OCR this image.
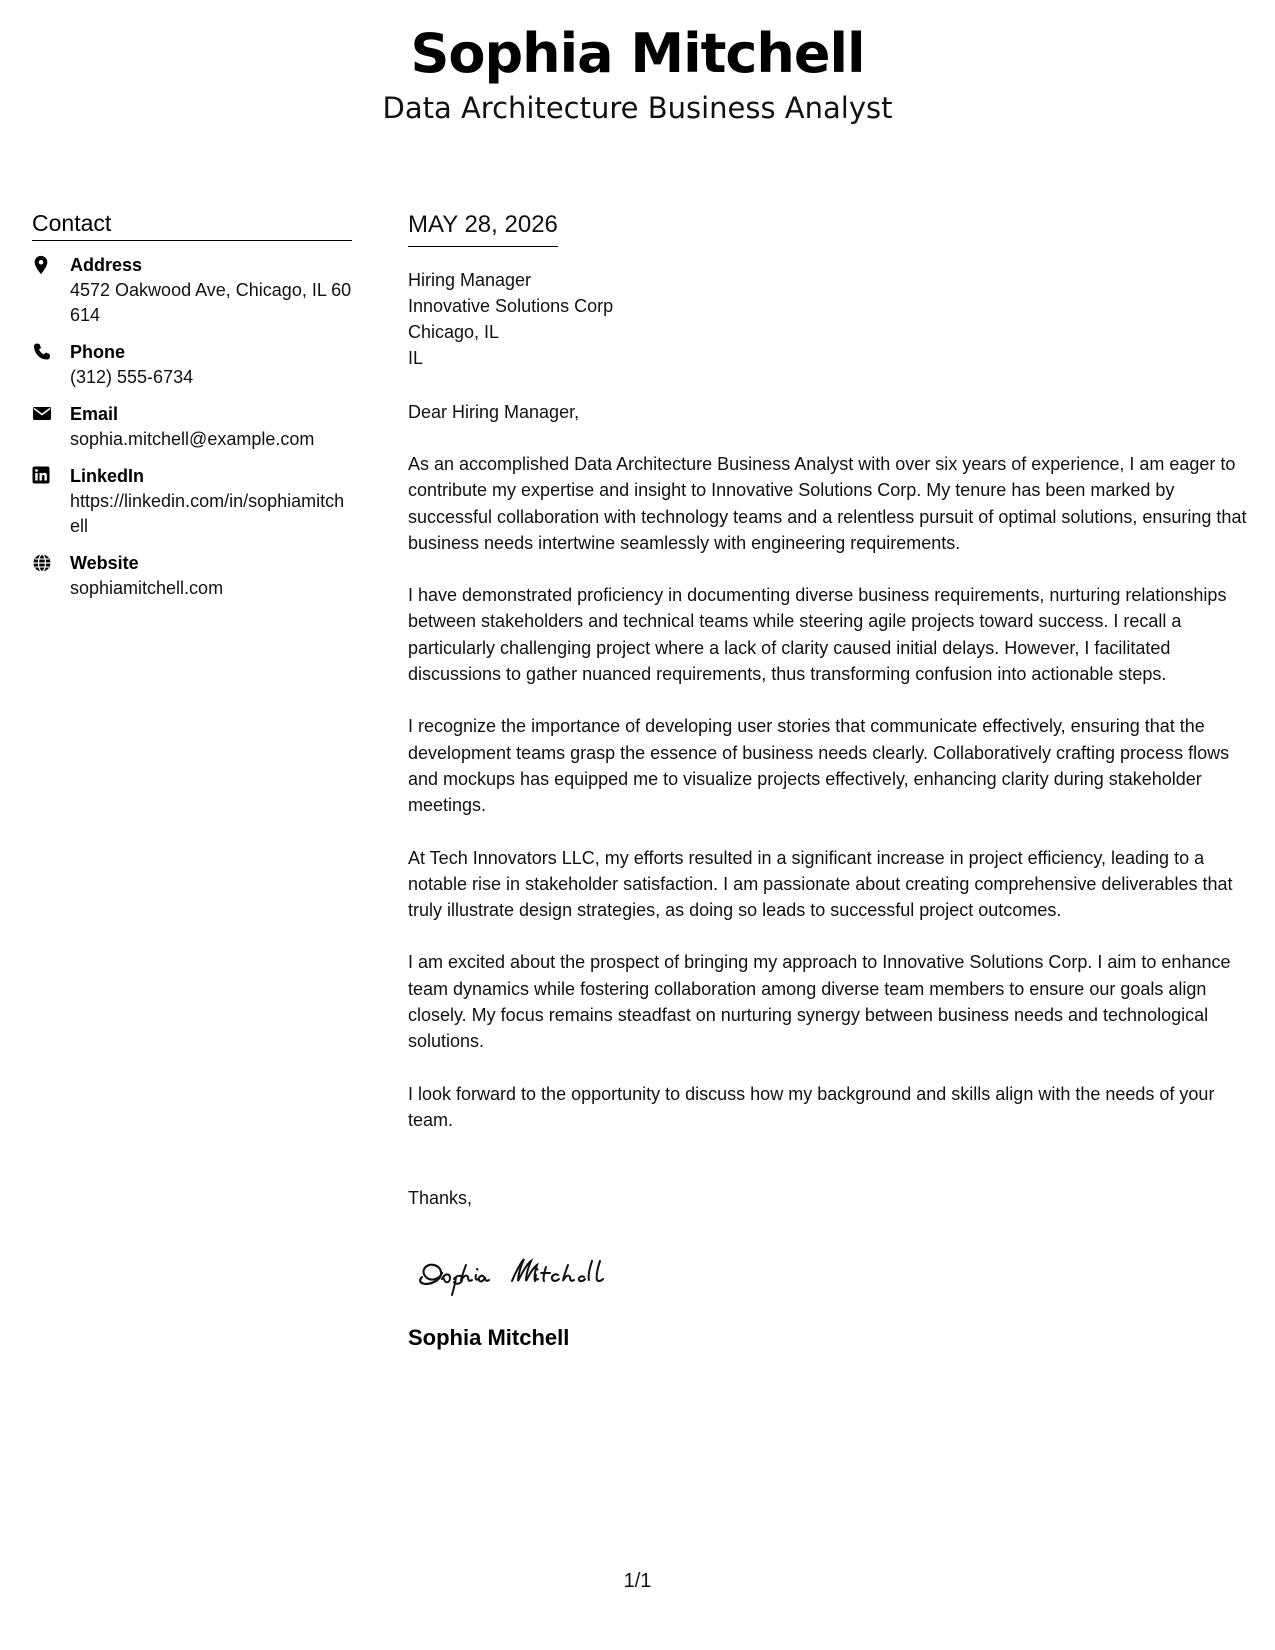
Sophia Mitchell
Data Architecture Business Analyst
Contact
Address
4572 Oakwood Ave, Chicago, IL 60614
Phone
(312) 555-6734
Email
sophia.mitchell@example.com
LinkedIn
https://linkedin.com/in/sophiamitchell
Website
sophiamitchell.com
MAY 28, 2026
Hiring Manager
Innovative Solutions Corp
Chicago, IL
IL
Dear Hiring Manager,
As an accomplished Data Architecture Business Analyst with over six years of experience, I am eager to contribute my expertise and insight to Innovative Solutions Corp. My tenure has been marked by successful collaboration with technology teams and a relentless pursuit of optimal solutions, ensuring that business needs intertwine seamlessly with engineering requirements.
I have demonstrated proficiency in documenting diverse business requirements, nurturing relationships between stakeholders and technical teams while steering agile projects toward success. I recall a particularly challenging project where a lack of clarity caused initial delays. However, I facilitated discussions to gather nuanced requirements, thus transforming confusion into actionable steps.
I recognize the importance of developing user stories that communicate effectively, ensuring that the development teams grasp the essence of business needs clearly. Collaboratively crafting process flows and mockups has equipped me to visualize projects effectively, enhancing clarity during stakeholder meetings.
At Tech Innovators LLC, my efforts resulted in a significant increase in project efficiency, leading to a notable rise in stakeholder satisfaction. I am passionate about creating comprehensive deliverables that truly illustrate design strategies, as doing so leads to successful project outcomes.
I am excited about the prospect of bringing my approach to Innovative Solutions Corp. I aim to enhance team dynamics while fostering collaboration among diverse team members to ensure our goals align closely. My focus remains steadfast on nurturing synergy between business needs and technological solutions.
I look forward to the opportunity to discuss how my background and skills align with the needs of your team.
Thanks,
Sophia Mitchell
1/1
